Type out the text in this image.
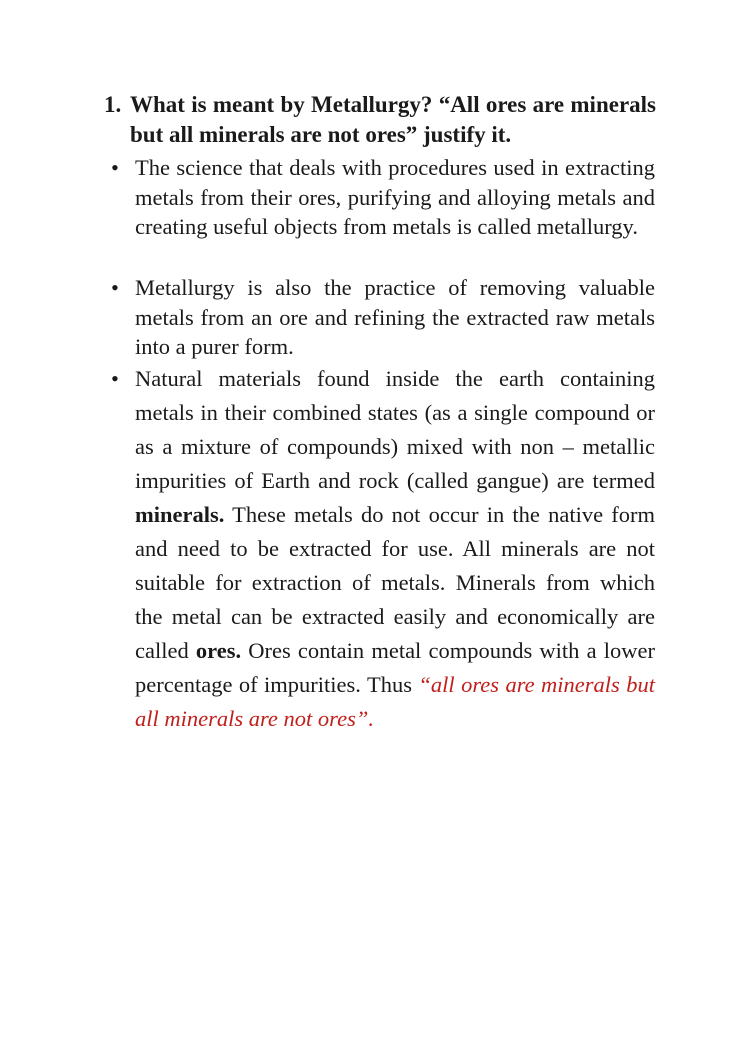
1. What is meant by Metallurgy? “All ores are minerals but all minerals are not ores” justify it.
• The science that deals with procedures used in extracting metals from their ores, purifying and alloying metals and creating useful objects from metals is called metallurgy.
• Metallurgy is also the practice of removing valuable metals from an ore and refining the extracted raw metals into a purer form.
• Natural materials found inside the earth containing metals in their combined states (as a single compound or as a mixture of compounds) mixed with non – metallic impurities of Earth and rock (called gangue) are termed minerals. These metals do not occur in the native form and need to be extracted for use. All minerals are not suitable for extraction of metals. Minerals from which the metal can be extracted easily and economically are called ores. Ores contain metal compounds with a lower percentage of impurities. Thus “all ores are minerals but all minerals are not ores”.
